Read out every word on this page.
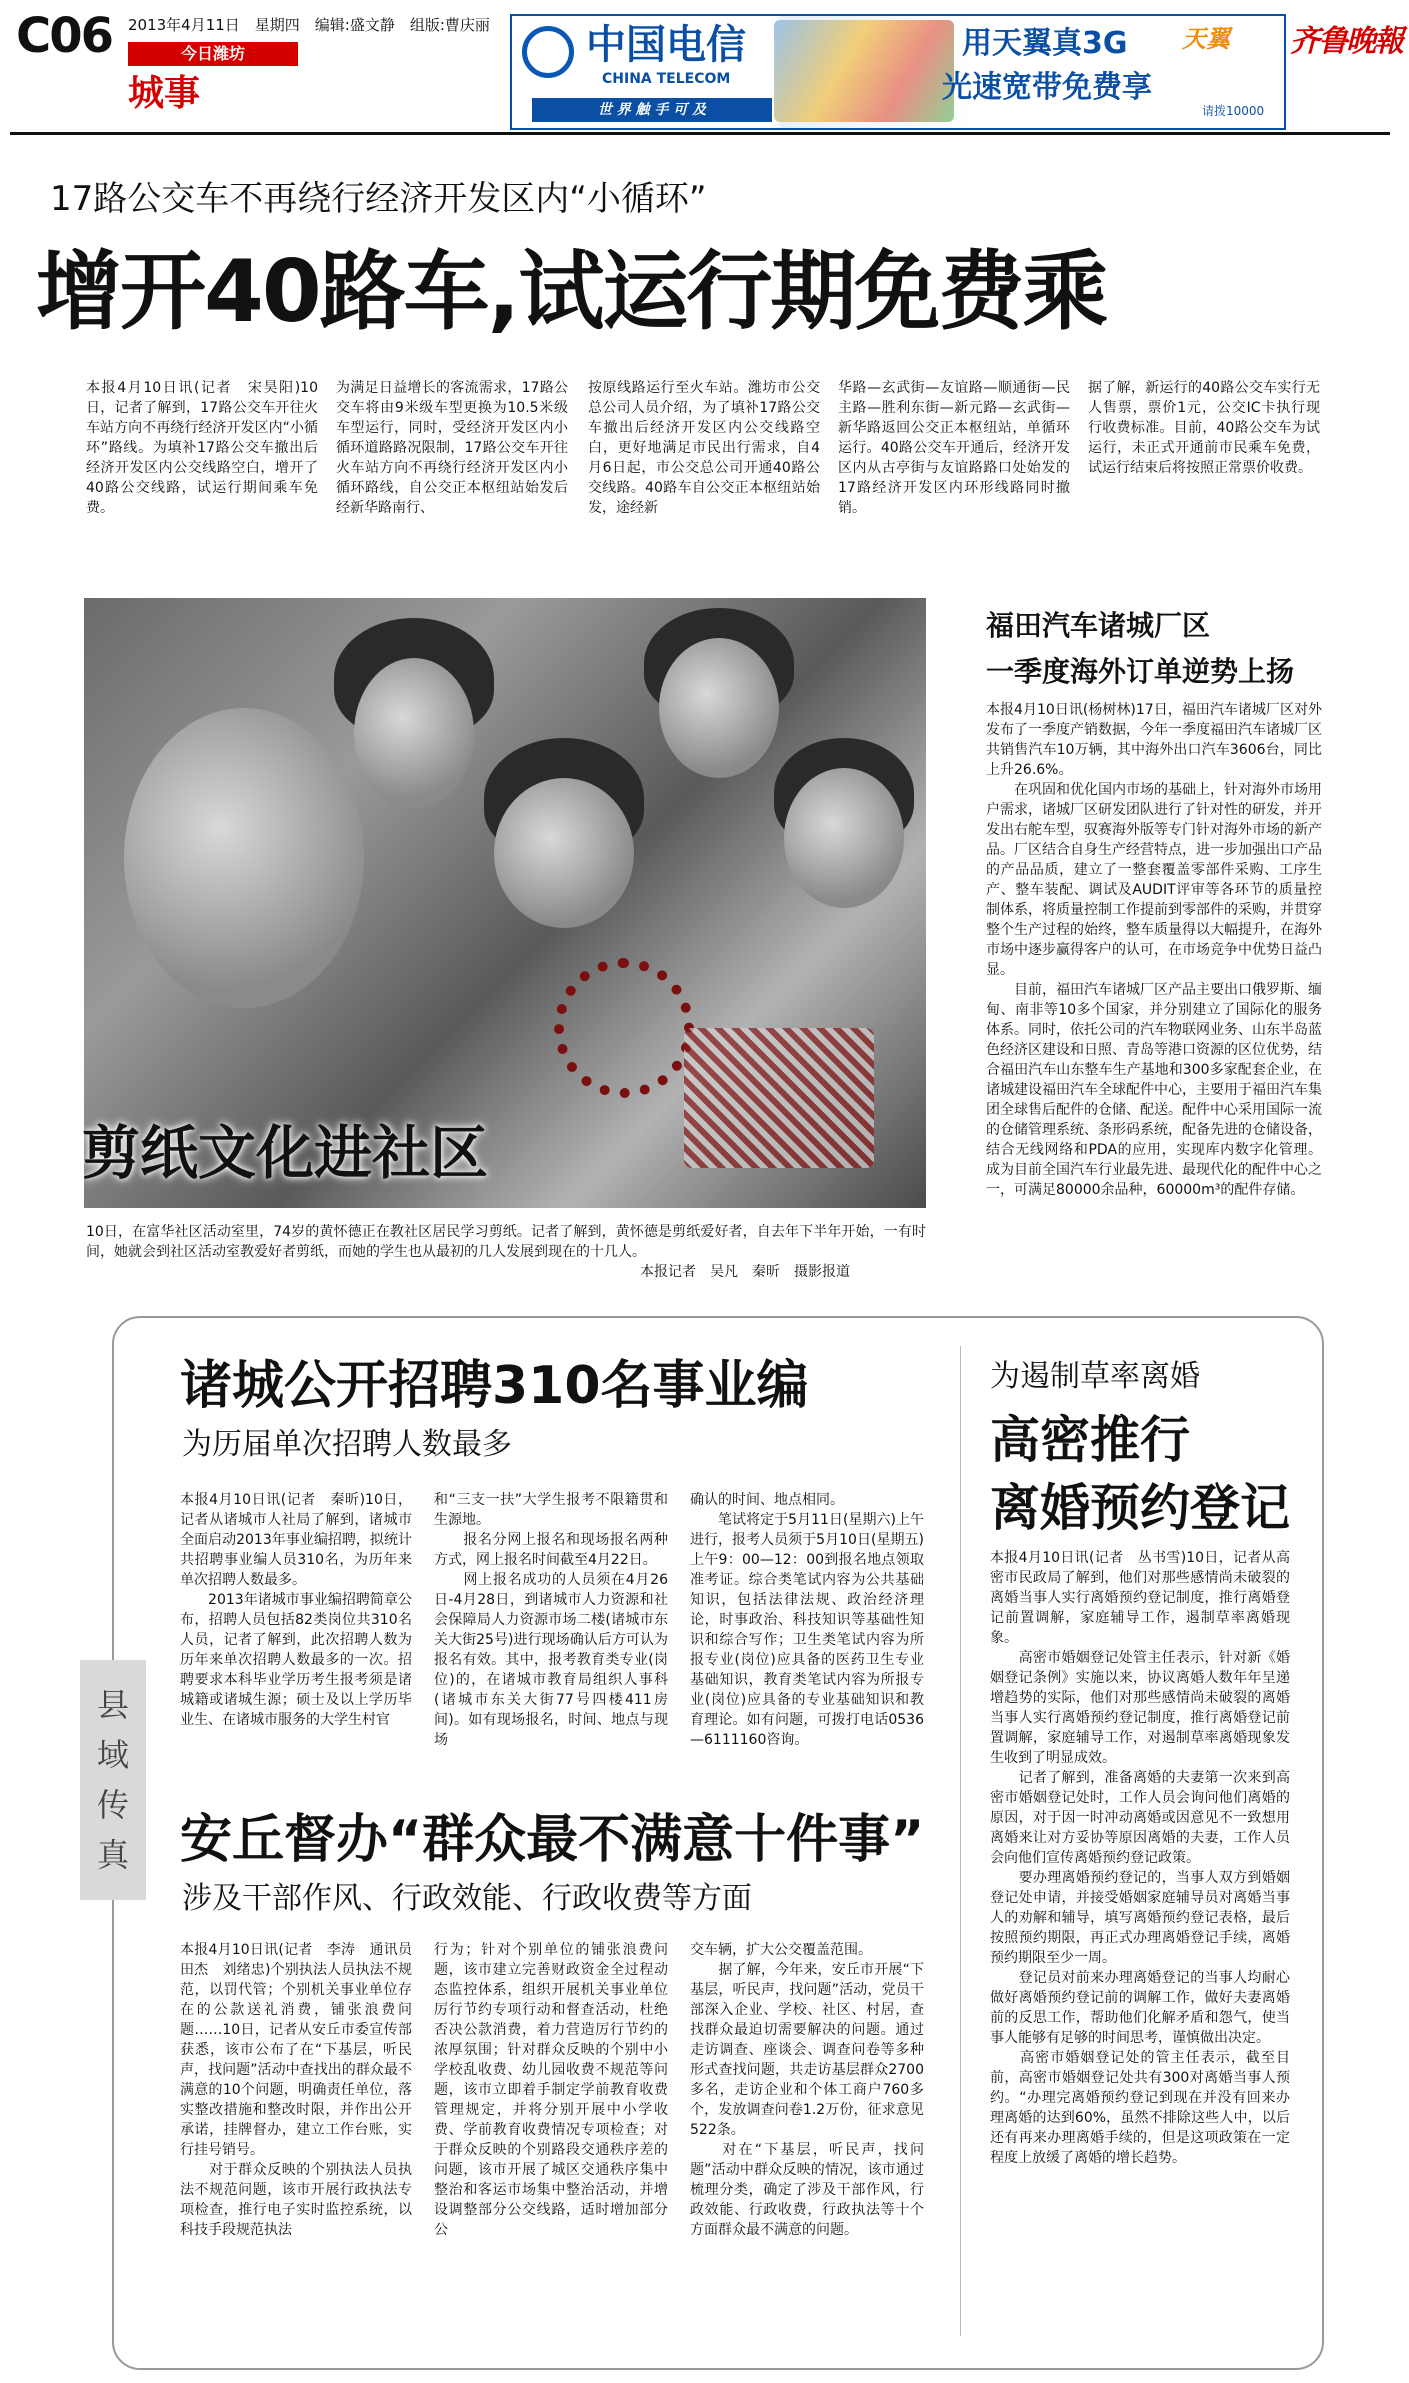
C06 2013年4月11日　星期四　编辑:盛文静　组版:曹庆丽
今日潍坊
城事
中国电信
CHINA TELECOM
世 界 触 手 可 及
用天翼真3G 天翼
光速宽带免费享
请拨10000
齐鲁晚報
17路公交车不再绕行经济开发区内“小循环”
增开40路车,试运行期免费乘
本报4月10日讯(记者　宋昊阳)10日，记者了解到，17路公交车开往火车站方向不再绕行经济开发区内“小循环”路线。为填补17路公交车撤出后经济开发区内公交线路空白，增开了40路公交线路，试运行期间乘车免费。
为满足日益增长的客流需求，17路公交车将由9米级车型更换为10.5米级车型运行，同时，受经济开发区内小循环道路路况限制，17路公交车开往火车站方向不再绕行经济开发区内小循环路线，自公交正本枢纽站始发后经新华路南行、
按原线路运行至火车站。潍坊市公交总公司人员介绍，为了填补17路公交车撤出后经济开发区内公交线路空白，更好地满足市民出行需求，自4月6日起，市公交总公司开通40路公交线路。40路车自公交正本枢纽站始发，途经新
华路—玄武街—友谊路—顺通街—民主路—胜利东街—新元路—玄武街—新华路返回公交正本枢纽站，单循环运行。40路公交车开通后，经济开发区内从古亭街与友谊路路口处始发的17路经济开发区内环形线路同时撤销。
据了解，新运行的40路公交车实行无人售票，票价1元，公交IC卡执行现行收费标准。目前，40路公交车为试运行，未正式开通前市民乘车免费，试运行结束后将按照正常票价收费。
剪纸文化进社区
10日，在富华社区活动室里，74岁的黄怀德正在教社区居民学习剪纸。记者了解到，黄怀德是剪纸爱好者，自去年下半年开始，一有时间，她就会到社区活动室教爱好者剪纸，而她的学生也从最初的几人发展到现在的十几人。
本报记者　吴凡　秦昕　摄影报道
福田汽车诸城厂区
一季度海外订单逆势上扬
本报4月10日讯(杨树林)17日，福田汽车诸城厂区对外发布了一季度产销数据，今年一季度福田汽车诸城厂区共销售汽车10万辆，其中海外出口汽车3606台，同比上升26.6%。
　　在巩固和优化国内市场的基础上，针对海外市场用户需求，诸城厂区研发团队进行了针对性的研发，并开发出右舵车型，驭赛海外版等专门针对海外市场的新产品。厂区结合自身生产经营特点，进一步加强出口产品的产品品质，建立了一整套覆盖零部件采购、工序生产、整车装配、调试及AUDIT评审等各环节的质量控制体系，将质量控制工作提前到零部件的采购，并贯穿整个生产过程的始终，整车质量得以大幅提升，在海外市场中逐步赢得客户的认可，在市场竞争中优势日益凸显。
　　目前，福田汽车诸城厂区产品主要出口俄罗斯、缅甸、南非等10多个国家，并分别建立了国际化的服务体系。同时，依托公司的汽车物联网业务、山东半岛蓝色经济区建设和日照、青岛等港口资源的区位优势，结合福田汽车山东整车生产基地和300多家配套企业，在诸城建设福田汽车全球配件中心，主要用于福田汽车集团全球售后配件的仓储、配送。配件中心采用国际一流的仓储管理系统、条形码系统，配备先进的仓储设备，结合无线网络和PDA的应用，实现库内数字化管理。成为目前全国汽车行业最先进、最现代化的配件中心之一，可满足80000余品种，60000m³的配件存储。
县域传真
诸城公开招聘310名事业编
为历届单次招聘人数最多
本报4月10日讯(记者　秦昕)10日，记者从诸城市人社局了解到，诸城市全面启动2013年事业编招聘，拟统计共招聘事业编人员310名，为历年来单次招聘人数最多。
　　2013年诸城市事业编招聘简章公布，招聘人员包括82类岗位共310名人员，记者了解到，此次招聘人数为历年来单次招聘人数最多的一次。招聘要求本科毕业学历考生报考须是诸城籍或诸城生源；硕士及以上学历毕业生、在诸城市服务的大学生村官
和“三支一扶”大学生报考不限籍贯和生源地。
　　报名分网上报名和现场报名两种方式，网上报名时间截至4月22日。
　　网上报名成功的人员须在4月26日-4月28日，到诸城市人力资源和社会保障局人力资源市场二楼(诸城市东关大街25号)进行现场确认后方可认为报名有效。其中，报考教育类专业(岗位)的，在诸城市教育局组织人事科(诸城市东关大街77号四楼411房间)。如有现场报名，时间、地点与现场
确认的时间、地点相同。
　　笔试将定于5月11日(星期六)上午进行，报考人员须于5月10日(星期五)上午9：00—12：00到报名地点领取准考证。综合类笔试内容为公共基础知识，包括法律法规、政治经济理论，时事政治、科技知识等基础性知识和综合写作；卫生类笔试内容为所报专业(岗位)应具备的医药卫生专业基础知识，教育类笔试内容为所报专业(岗位)应具备的专业基础知识和教育理论。如有问题，可拨打电话0536—6111160咨询。
安丘督办“群众最不满意十件事”
涉及干部作风、行政效能、行政收费等方面
本报4月10日讯(记者　李涛　通讯员　田杰　刘绪忠)个别执法人员执法不规范，以罚代管；个别机关事业单位存在的公款送礼消费，铺张浪费问题……10日，记者从安丘市委宣传部获悉，该市公布了在“下基层，听民声，找问题”活动中查找出的群众最不满意的10个问题，明确责任单位，落实整改措施和整改时限，并作出公开承诺，挂牌督办，建立工作台账，实行挂号销号。
　　对于群众反映的个别执法人员执法不规范问题，该市开展行政执法专项检查，推行电子实时监控系统，以科技手段规范执法
行为；针对个别单位的铺张浪费问题，该市建立完善财政资金全过程动态监控体系，组织开展机关事业单位厉行节约专项行动和督查活动，杜绝否决公款消费，着力营造厉行节约的浓厚氛围；针对群众反映的个别中小学校乱收费、幼儿园收费不规范等问题，该市立即着手制定学前教育收费管理规定，并将分别开展中小学收费、学前教育收费情况专项检查；对于群众反映的个别路段交通秩序差的问题，该市开展了城区交通秩序集中整治和客运市场集中整治活动，并增设调整部分公交线路，适时增加部分公
交车辆，扩大公交覆盖范围。
　　据了解，今年来，安丘市开展“下基层，听民声，找问题”活动，党员干部深入企业、学校、社区、村居，查找群众最迫切需要解决的问题。通过走访调查、座谈会、调查问卷等多种形式查找问题，共走访基层群众2700多名，走访企业和个体工商户760多个，发放调查问卷1.2万份，征求意见522条。
　　对在“下基层，听民声，找问题”活动中群众反映的情况，该市通过梳理分类，确定了涉及干部作风，行政效能、行政收费，行政执法等十个方面群众最不满意的问题。
为遏制草率离婚
高密推行
离婚预约登记
本报4月10日讯(记者　丛书雪)10日，记者从高密市民政局了解到，他们对那些感情尚未破裂的离婚当事人实行离婚预约登记制度，推行离婚登记前置调解，家庭辅导工作，遏制草率离婚现象。
　　高密市婚姻登记处管主任表示，针对新《婚姻登记条例》实施以来，协议离婚人数年年呈递增趋势的实际，他们对那些感情尚未破裂的离婚当事人实行离婚预约登记制度，推行离婚登记前置调解，家庭辅导工作，对遏制草率离婚现象发生收到了明显成效。
　　记者了解到，准备离婚的夫妻第一次来到高密市婚姻登记处时，工作人员会询问他们离婚的原因，对于因一时冲动离婚或因意见不一致想用离婚来让对方妥协等原因离婚的夫妻，工作人员会向他们宣传离婚预约登记政策。
　　要办理离婚预约登记的，当事人双方到婚姻登记处申请，并接受婚姻家庭辅导员对离婚当事人的劝解和辅导，填写离婚预约登记表格，最后按照预约期限，再正式办理离婚登记手续，离婚预约期限至少一周。
　　登记员对前来办理离婚登记的当事人均耐心做好离婚预约登记前的调解工作，做好夫妻离婚前的反思工作，帮助他们化解矛盾和怨气，使当事人能够有足够的时间思考，谨慎做出决定。
　　高密市婚姻登记处的管主任表示，截至目前，高密市婚姻登记处共有300对离婚当事人预约。“办理完离婚预约登记到现在并没有回来办理离婚的达到60%，虽然不排除这些人中，以后还有再来办理离婚手续的，但是这项政策在一定程度上放缓了离婚的增长趋势。
